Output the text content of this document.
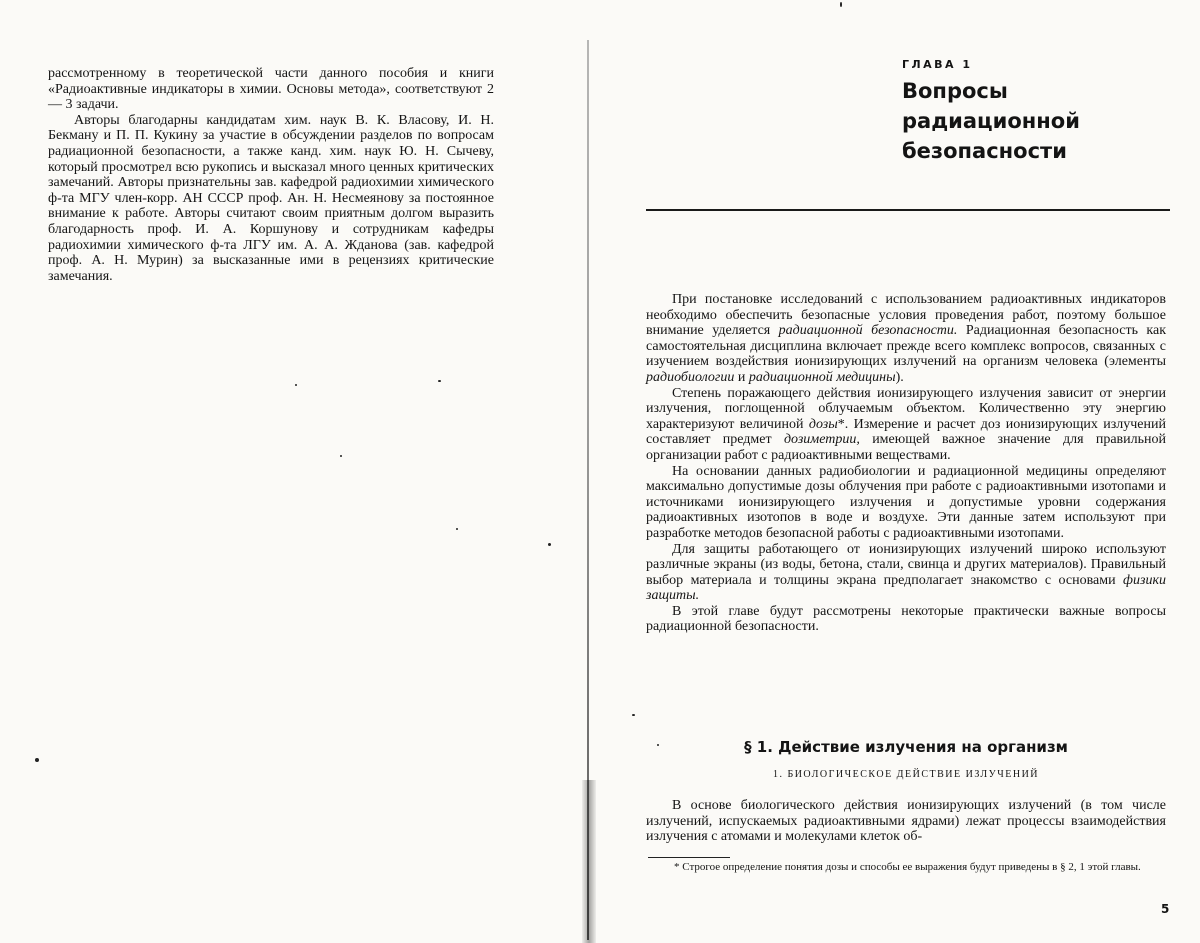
рассмотренному в теоретической части данного пособия и книги «Радиоактивные индикаторы в химии. Основы метода», соответствуют 2 — 3 задачи.

Авторы благодарны кандидатам хим. наук В. К. Власову, И. Н. Бекману и П. П. Кукину за участие в обсуждении разделов по вопросам радиационной безопасности, а также канд. хим. наук Ю. Н. Сычеву, который просмотрел всю рукопись и высказал много ценных критических замечаний. Авторы признательны зав. кафедрой радиохимии химического ф-та МГУ член-корр. АН СССР проф. Ан. Н. Несмеянову за постоянное внимание к работе. Авторы считают своим приятным долгом выразить благодарность проф. И. А. Коршунову и сотрудникам кафедры радиохимии химического ф-та ЛГУ им. А. А. Жданова (зав. кафедрой проф. А. Н. Мурин) за высказанные ими в рецензиях критические замечания.

ГЛАВА 1
Вопросы радиационной безопасности

При постановке исследований с использованием радиоактивных индикаторов необходимо обеспечить безопасные условия проведения работ, поэтому большое внимание уделяется радиационной безопасности. Радиационная безопасность как самостоятельная дисциплина включает прежде всего комплекс вопросов, связанных с изучением воздействия ионизирующих излучений на организм человека (элементы радиобиологии и радиационной медицины).

Степень поражающего действия ионизирующего излучения зависит от энергии излучения, поглощенной облучаемым объектом. Количественно эту энергию характеризуют величиной дозы*. Измерение и расчет доз ионизирующих излучений составляет предмет дозиметрии, имеющей важное значение для правильной организации работ с радиоактивными веществами.

На основании данных радиобиологии и радиационной медицины определяют максимально допустимые дозы облучения при работе с радиоактивными изотопами и источниками ионизирующего излучения и допустимые уровни содержания радиоактивных изотопов в воде и воздухе. Эти данные затем используют при разработке методов безопасной работы с радиоактивными изотопами.

Для защиты работающего от ионизирующих излучений широко используют различные экраны (из воды, бетона, стали, свинца и других материалов). Правильный выбор материала и толщины экрана предполагает знакомство с основами физики защиты.

В этой главе будут рассмотрены некоторые практически важные вопросы радиационной безопасности.

§ 1. Действие излучения на организм
1. БИОЛОГИЧЕСКОЕ ДЕЙСТВИЕ ИЗЛУЧЕНИЙ

В основе биологического действия ионизирующих излучений (в том числе излучений, испускаемых радиоактивными ядрами) лежат процессы взаимодействия излучения с атомами и молекулами клеток об-

* Строгое определение понятия дозы и способы ее выражения будут приведены в § 2, 1 этой главы.

5
